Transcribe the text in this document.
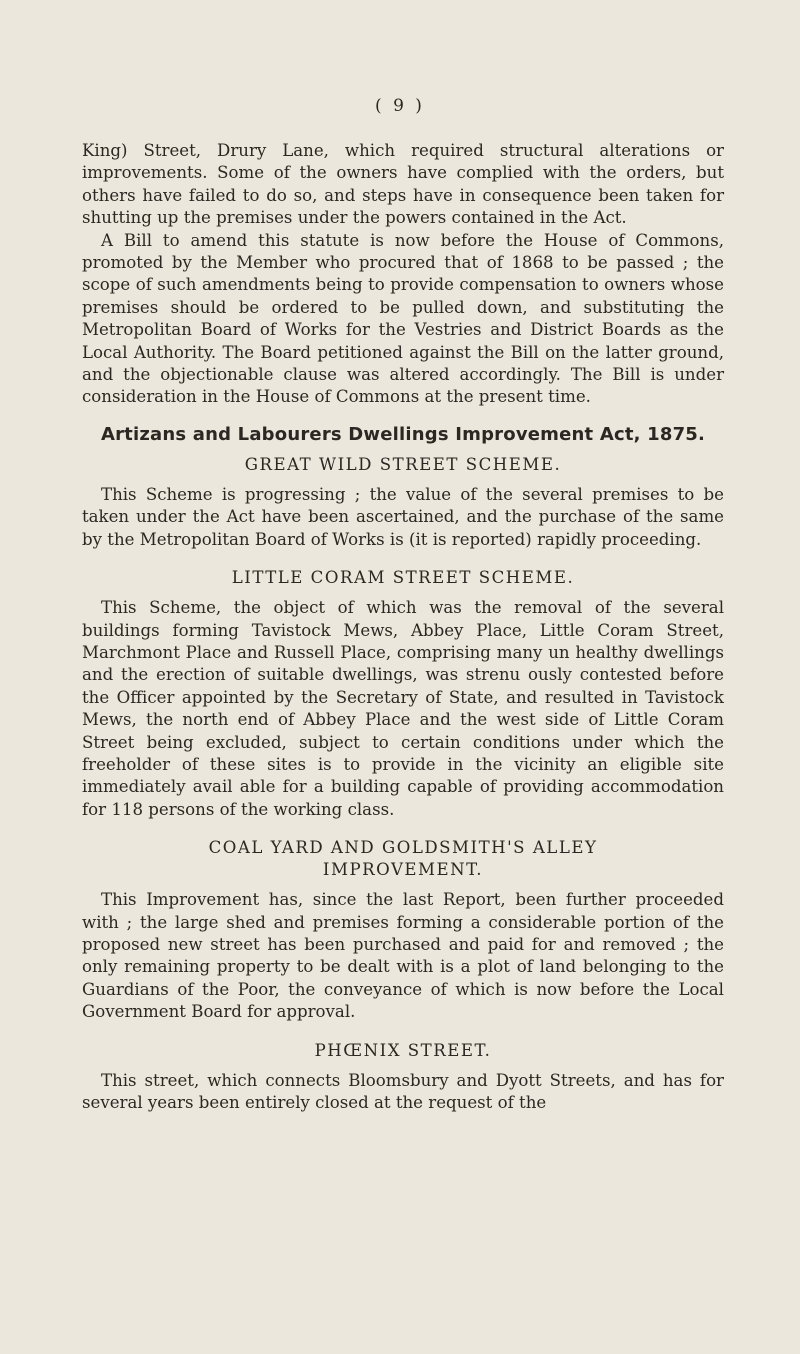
( 9 )

King) Street, Drury Lane, which required structural alterations or improvements. Some of the owners have complied with the orders, but others have failed to do so, and steps have in consequence been taken for shutting up the premises under the powers contained in the Act.

A Bill to amend this statute is now before the House of Commons, promoted by the Member who procured that of 1868 to be passed ; the scope of such amendments being to provide compensation to owners whose premises should be ordered to be pulled down, and substituting the Metropolitan Board of Works for the Vestries and District Boards as the Local Authority. The Board petitioned against the Bill on the latter ground, and the objectionable clause was altered accordingly. The Bill is under consideration in the House of Commons at the present time.

Artizans and Labourers Dwellings Improvement Act, 1875.
GREAT WILD STREET SCHEME.

This Scheme is progressing ; the value of the several premises to be taken under the Act have been ascertained, and the purchase of the same by the Metropolitan Board of Works is (it is reported) rapidly proceeding.

LITTLE CORAM STREET SCHEME.

This Scheme, the object of which was the removal of the several buildings forming Tavistock Mews, Abbey Place, Little Coram Street, Marchmont Place and Russell Place, comprising many un healthy dwellings and the erection of suitable dwellings, was strenu ously contested before the Officer appointed by the Secretary of State, and resulted in Tavistock Mews, the north end of Abbey Place and the west side of Little Coram Street being excluded, subject to certain conditions under which the freeholder of these sites is to provide in the vicinity an eligible site immediately avail able for a building capable of providing accommodation for 118 persons of the working class.

COAL YARD AND GOLDSMITH'S ALLEY
IMPROVEMENT.

This Improvement has, since the last Report, been further proceeded with ; the large shed and premises forming a considerable portion of the proposed new street has been purchased and paid for and removed ; the only remaining property to be dealt with is a plot of land belonging to the Guardians of the Poor, the conveyance of which is now before the Local Government Board for approval.

PHŒNIX STREET.

This street, which connects Bloomsbury and Dyott Streets, and has for several years been entirely closed at the request of the
